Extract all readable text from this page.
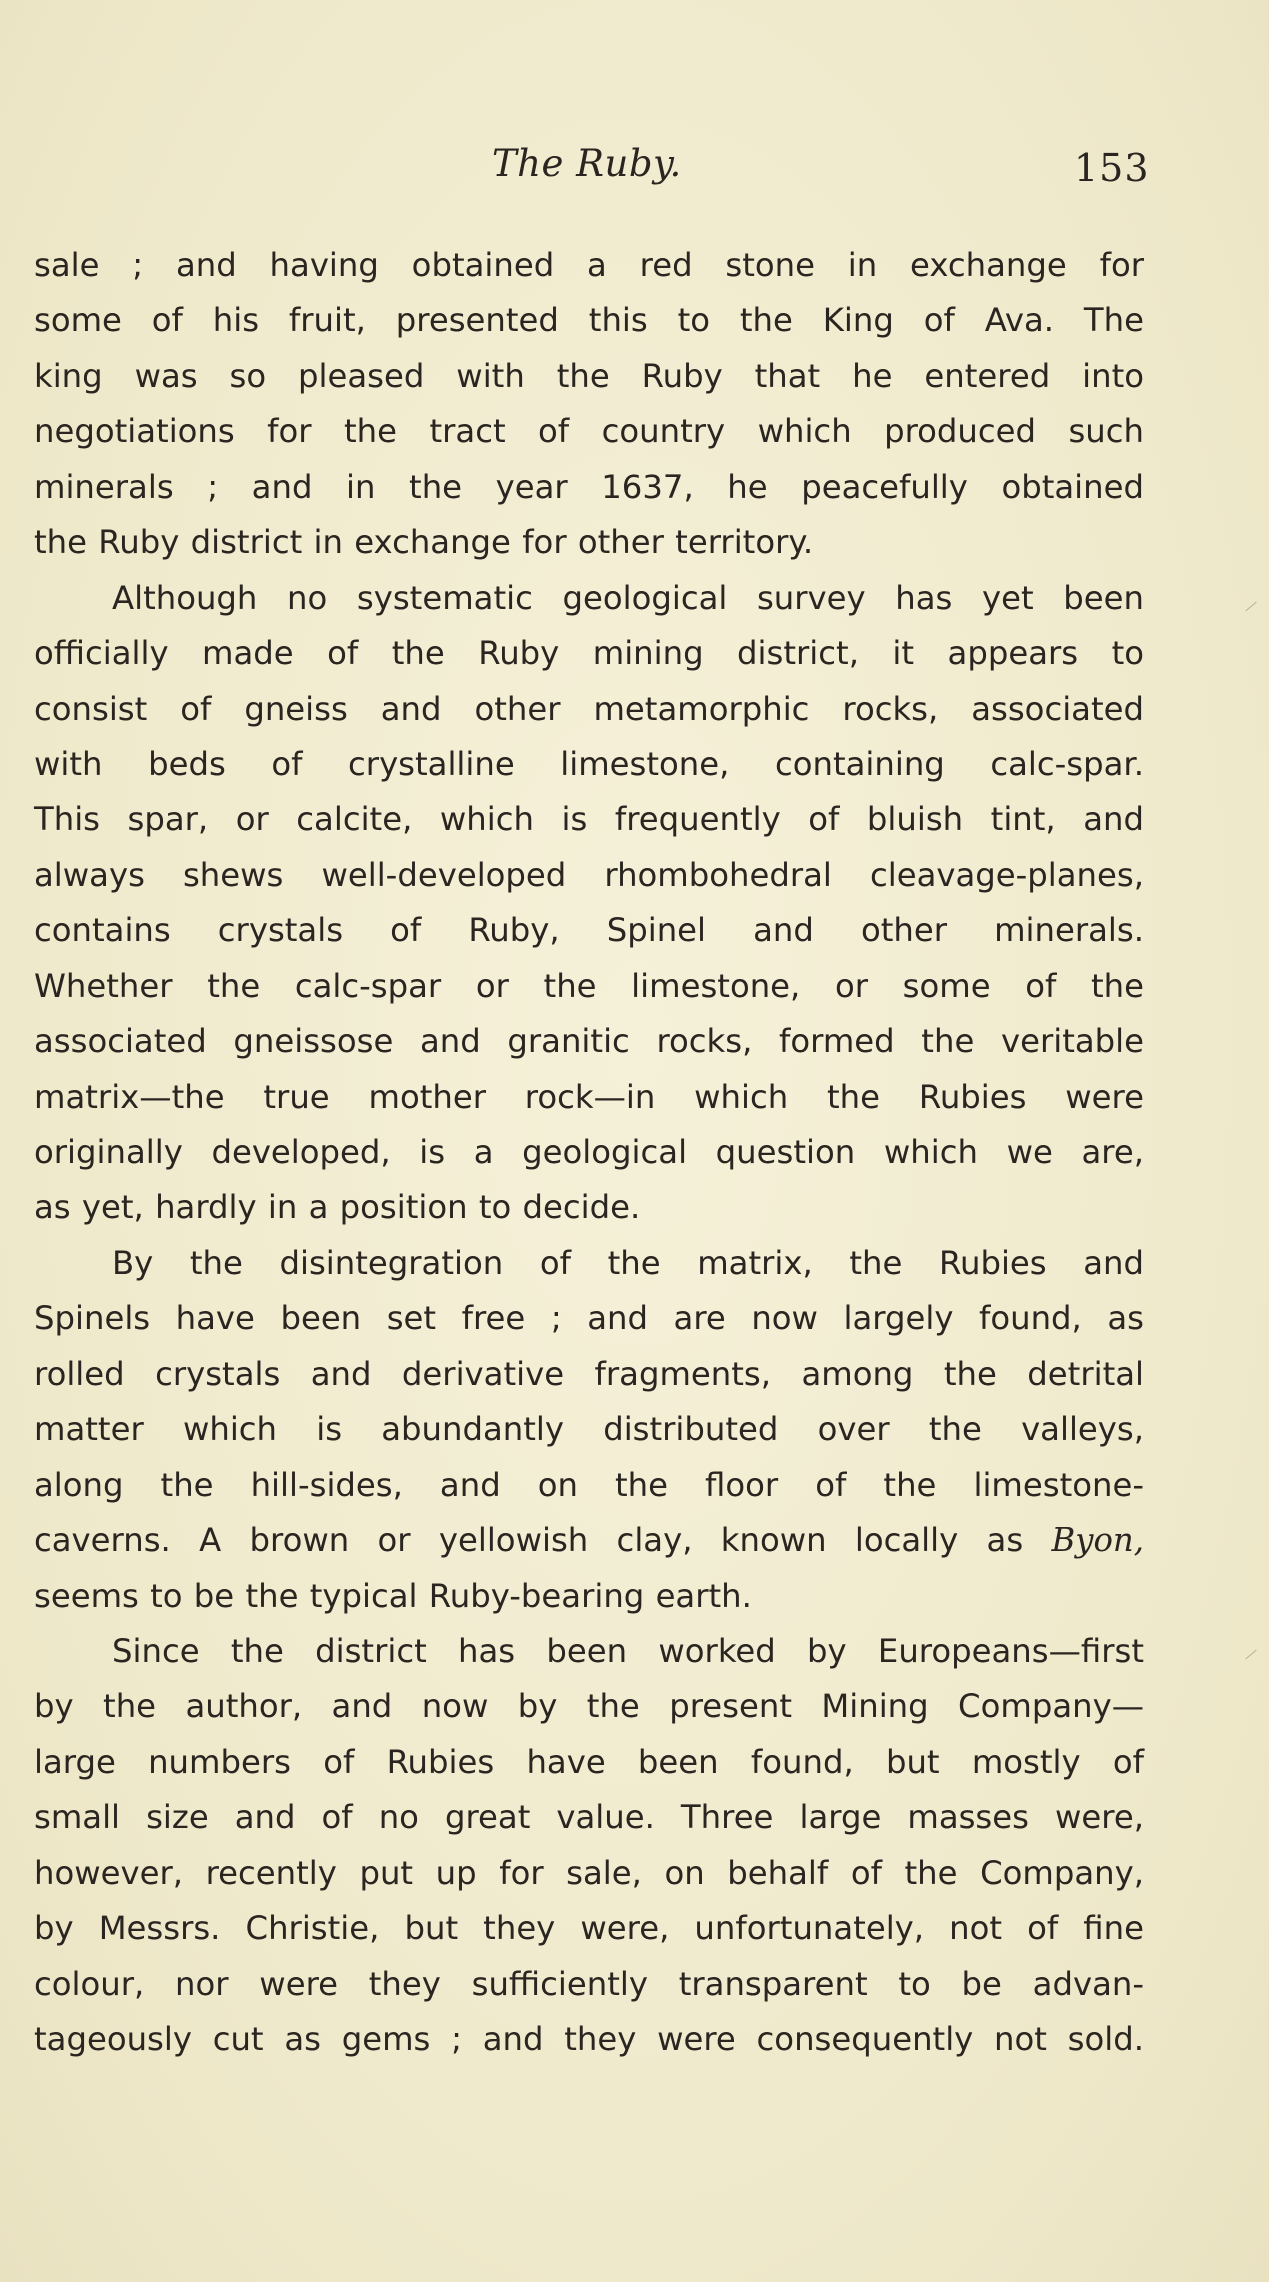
The Ruby.	153
sale ; and having obtained a red stone in exchange for
some of his fruit, presented this to the King of Ava. The
king was so pleased with the Ruby that he entered into
negotiations for the tract of country which produced such
minerals ; and in the year 1637, he peacefully obtained
the Ruby district in exchange for other territory.
Although no systematic geological survey has yet been
officially made of the Ruby mining district, it appears to
consist of gneiss and other metamorphic rocks, associated
with beds of crystalline limestone, containing calc-spar.
This spar, or calcite, which is frequently of bluish tint, and
always shews well-developed rhombohedral cleavage-planes,
contains crystals of Ruby, Spinel and other minerals.
Whether the calc-spar or the limestone, or some of the
associated gneissose and granitic rocks, formed the veritable
matrix—the true mother rock—in which the Rubies were
originally developed, is a geological question which we are,
as yet, hardly in a position to decide.
By the disintegration of the matrix, the Rubies and
Spinels have been set free ; and are now largely found, as
rolled crystals and derivative fragments, among the detrital
matter which is abundantly distributed over the valleys,
along the hill-sides, and on the floor of the limestone-
caverns. A brown or yellowish clay, known locally as Byon,
seems to be the typical Ruby-bearing earth.
Since the district has been worked by Europeans—first
by the author, and now by the present Mining Company—
large numbers of Rubies have been found, but mostly of
small size and of no great value. Three large masses were,
however, recently put up for sale, on behalf of the Company,
by Messrs. Christie, but they were, unfortunately, not of fine
colour, nor were they sufficiently transparent to be advan-
tageously cut as gems ; and they were consequently not sold.
